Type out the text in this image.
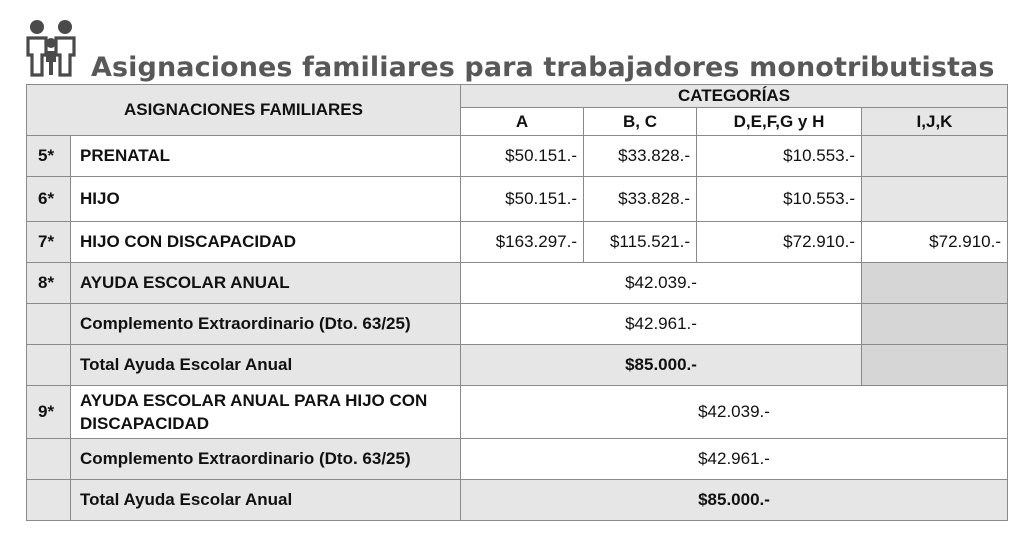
Asignaciones familiares para trabajadores monotributistas
ASIGNACIONES FAMILIARES		CATEGORÍAS			
		A	B, C	D,E,F,G y H	I,J,K
5*	PRENATAL	$50.151.-	$33.828.-	$10.553.-	
6*	HIJO	$50.151.-	$33.828.-	$10.553.-	
7*	HIJO CON DISCAPACIDAD	$163.297.-	$115.521.-	$72.910.-	$72.910.-
8*	AYUDA ESCOLAR ANUAL	$42.039.-			
	Complemento Extraordinario (Dto. 63/25)	$42.961.-			
	Total Ayuda Escolar Anual	$85.000.-			
9*	AYUDA ESCOLAR ANUAL PARA HIJO CON DISCAPACIDAD	$42.039.-			
	Complemento Extraordinario (Dto. 63/25)	$42.961.-			
	Total Ayuda Escolar Anual	$85.000.-			
